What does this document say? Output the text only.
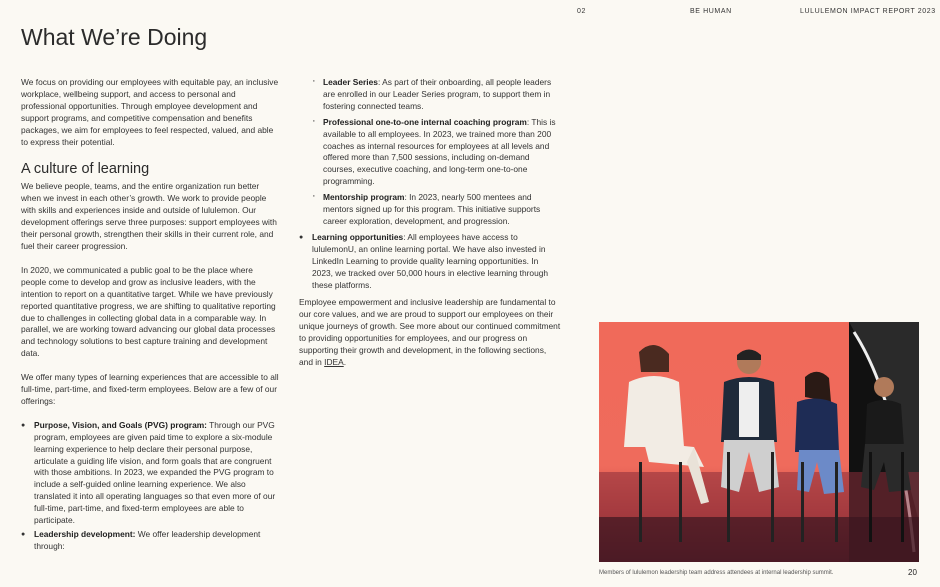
02	BE HUMAN	LULULEMON IMPACT REPORT 2023
What We’re Doing

We focus on providing our employees with equitable pay, an inclusive workplace, wellbeing support, and access to personal and professional opportunities. Through employee development and support programs, and competitive compensation and benefits packages, we aim for employees to feel respected, valued, and able to express their potential.

A culture of learning

We believe people, teams, and the entire organization run better when we invest in each other’s growth. We work to provide people with skills and experiences inside and outside of lululemon. Our development offerings serve three purposes: support employees with their personal growth, strengthen their skills in their current role, and fuel their career progression.

In 2020, we communicated a public goal to be the place where people come to develop and grow as inclusive leaders, with the intention to report on a quantitative target. While we have previously reported quantitative progress, we are shifting to qualitative reporting due to challenges in collecting global data in a comparable way. In parallel, we are working toward advancing our global data processes and technology solutions to best capture training and development data.

We offer many types of learning experiences that are accessible to all full-time, part-time, and fixed-term employees. Below are a few of our offerings:

● Purpose, Vision, and Goals (PVG) program: Through our PVG program, employees are given paid time to explore a six-module learning experience to help declare their personal purpose, articulate a guiding life vision, and form goals that are congruent with those ambitions. In 2023, we expanded the PVG program to include a self-guided online learning experience. We also translated it into all operating languages so that even more of our full-time, part-time, and fixed-term employees are able to participate.
● Leadership development: We offer leadership development through:
· Leader Series: As part of their onboarding, all people leaders are enrolled in our Leader Series program, to support them in fostering connected teams.
· Professional one-to-one internal coaching program: This is available to all employees. In 2023, we trained more than 200 coaches as internal resources for employees at all levels and offered more than 7,500 sessions, including on-demand courses, executive coaching, and long-term one-to-one programming.
· Mentorship program: In 2023, nearly 500 mentees and mentors signed up for this program. This initiative supports career exploration, development, and progression.
● Learning opportunities: All employees have access to lululemonU, an online learning portal. We have also invested in LinkedIn Learning to provide quality learning opportunities. In 2023, we tracked over 50,000 hours in elective learning through these platforms.

Employee empowerment and inclusive leadership are fundamental to our core values, and we are proud to support our employees on their unique journeys of growth. See more about our continued commitment to providing opportunities for employees, and our progress on supporting their growth and development, in the following sections, and in IDEA.

Members of lululemon leadership team address attendees at internal leadership summit.	20
